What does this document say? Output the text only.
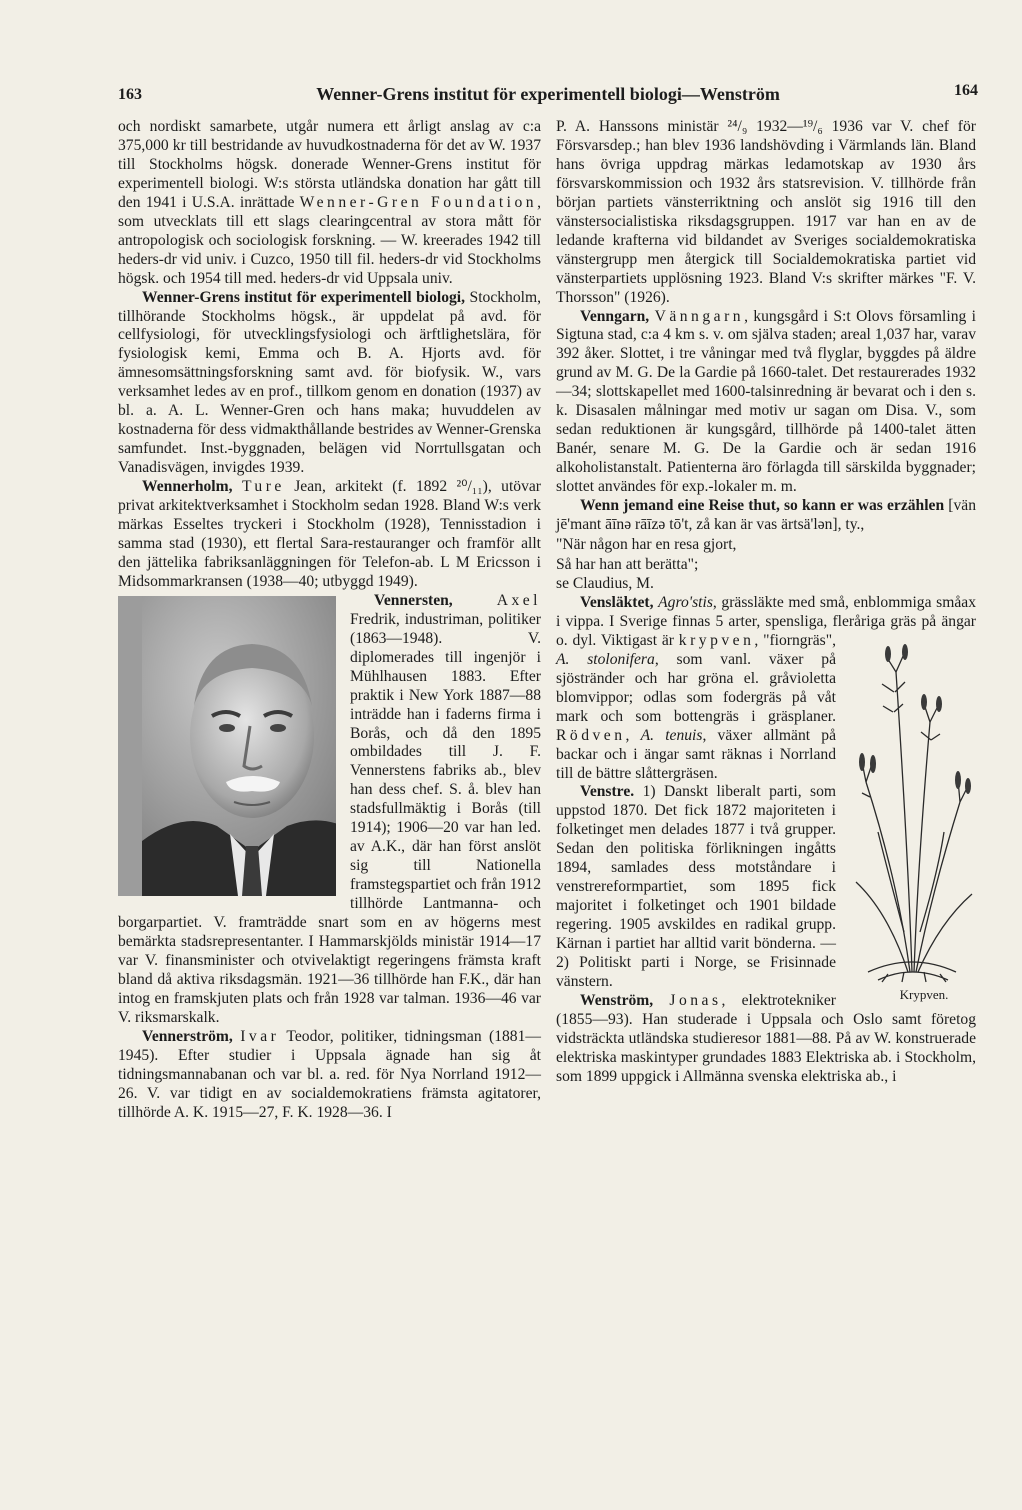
163	Wenner-Grens institut för experimentell biologi—Wenström	164

och nordiskt samarbete, utgår numera ett årligt anslag av c:a 375,000 kr till bestridande av huvudkostnaderna för det av W. 1937 till Stockholms högsk. donerade Wenner-Grens institut för experimentell biologi. W:s största utländska donation har gått till den 1941 i U.S.A. inrättade Wenner-Gren Foundation, som utvecklats till ett slags clearingcentral av stora mått för antropologisk och sociologisk forskning. — W. kreerades 1942 till heders-dr vid univ. i Cuzco, 1950 till fil. heders-dr vid Stockholms högsk. och 1954 till med. heders-dr vid Uppsala univ.

Wenner-Grens institut för experimentell biologi, Stockholm, tillhörande Stockholms högsk., är uppdelat på avd. för cellfysiologi, för utvecklingsfysiologi och ärftlighetslära, för fysiologisk kemi, Emma och B. A. Hjorts avd. för ämnesomsättningsforskning samt avd. för biofysik. W., vars verksamhet ledes av en prof., tillkom genom en donation (1937) av bl. a. A. L. Wenner-Gren och hans maka; huvuddelen av kostnaderna för dess vidmakthållande bestrides av Wenner-Grenska samfundet. Inst.-byggnaden, belägen vid Norrtullsgatan och Vanadisvägen, invigdes 1939.

Wennerholm, Ture Jean, arkitekt (f. 1892 ²⁰/₁₁), utövar privat arkitektverksamhet i Stockholm sedan 1928. Bland W:s verk märkas Esseltes tryckeri i Stockholm (1928), Tennisstadion i samma stad (1930), ett flertal Sara-restauranger och framför allt den jättelika fabriksanläggningen för Telefon-ab. L M Ericsson i Midsommarkransen (1938—40; utbyggd 1949).

Vennersten,	Axel
Fredrik, industriman, politiker (1863—1948). V. diplomerades till ingenjör i Mühlhausen 1883. Efter praktik i New York 1887—88 inträdde han i faderns firma i Borås, och då den 1895 ombildades till J. F. Vennerstens fabriks ab., blev han dess chef. S. å. blev han stadsfullmäktig i Borås (till 1914); 1906—20 var han led. av A.K., där han först anslöt sig till Nationella framstegspartiet och från 1912 tillhörde Lantmanna- och borgarpartiet. V. framträdde snart som en av högerns mest bemärkta stadsrepresentanter. I Hammarskjölds ministär 1914—17 var V. finansminister och otvivelaktigt regeringens främsta kraft bland då aktiva riksdagsmän. 1921—36 tillhörde han F.K., där han intog en framskjuten plats och från 1928 var talman. 1936—46 var V. riksmarskalk.

Vennerström, Ivar Teodor, politiker, tidningsman (1881—1945). Efter studier i Uppsala ägnade han sig åt tidningsmannabanan och var bl. a. red. för Nya Norrland 1912—26. V. var tidigt en av socialdemokratiens främsta agitatorer, tillhörde A. K. 1915—27, F. K. 1928—36. I

P. A. Hanssons ministär ²⁴/₉ 1932—¹⁹/₆ 1936 var V. chef för Försvarsdep.; han blev 1936 landshövding i Värmlands län. Bland hans övriga uppdrag märkas ledamotskap av 1930 års försvarskommission och 1932 års statsrevision. V. tillhörde från början partiets vänsterriktning och anslöt sig 1916 till den vänstersocialistiska riksdagsgruppen. 1917 var han en av de ledande krafterna vid bildandet av Sveriges socialdemokratiska vänstergrupp men återgick till Socialdemokratiska partiet vid vänsterpartiets upplösning 1923. Bland V:s skrifter märkes "F. V. Thorsson" (1926).

Venngarn, Vänngarn, kungsgård i S:t Olovs församling i Sigtuna stad, c:a 4 km s. v. om själva staden; areal 1,037 har, varav 392 åker. Slottet, i tre våningar med två flyglar, byggdes på äldre grund av M. G. De la Gardie på 1660-talet. Det restaurerades 1932—34; slottskapellet med 1600-talsinredning är bevarat och i den s. k. Disasalen målningar med motiv ur sagan om Disa. V., som sedan reduktionen är kungsgård, tillhörde på 1400-talet ätten Banér, senare M. G. De la Gardie och är sedan 1916 alkoholistanstalt. Patienterna äro förlagda till särskilda byggnader; slottet användes för exp.-lokaler m. m.

Wenn jemand eine Reise thut, so kann er was erzählen [vän jē'mant āīnə rāīzə tō't, zå kan är vas ärtsä'lən], ty.,

"När någon har en resa gjort,
Så har han att berätta";

se Claudius, M.

Vensläktet, Agro'stis, grässläkte med små, enblommiga småax i vippa. I Sverige finnas 5 arter, spensliga, fleråriga gräs på ängar o. dyl. Viktigast är krypven, "fiorngräs",
Krypven.
A. stolonifera, som vanl. växer på sjöstränder och har gröna el. gråvioletta blomvippor; odlas som fodergräs på våt mark och som bottengräs i gräsplaner. Rödven, A. tenuis, växer allmänt på backar och i ängar samt räknas i Norrland till de bättre slåttergräsen.

Venstre. 1) Danskt liberalt parti, som uppstod 1870. Det fick 1872 majoriteten i folketinget men delades 1877 i två grupper. Sedan den politiska förlikningen ingåtts 1894, samlades dess motståndare i venstrereformpartiet, som 1895 fick majoritet i folketinget och 1901 bildade regering. 1905 avskildes en radikal grupp. Kärnan i partiet har alltid varit bönderna. — 2) Politiskt parti i Norge, se Frisinnade vänstern.

Wenström, Jonas, elektrotekniker (1855—93). Han studerade i Uppsala och Oslo samt företog vidsträckta utländska studieresor 1881—88. På av W. konstruerade elektriska maskintyper grundades 1883 Elektriska ab. i Stockholm, som 1899 uppgick i Allmänna svenska elektriska ab., i
